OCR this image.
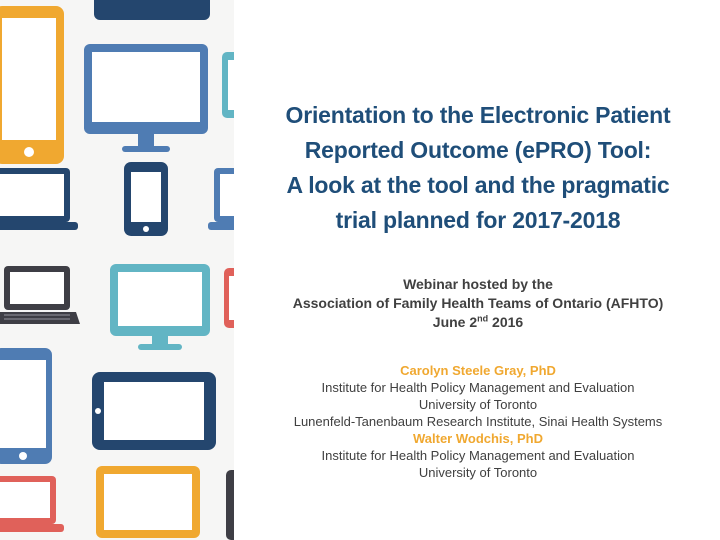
Orientation to the Electronic Patient
Reported Outcome (ePRO) Tool:
A look at the tool and the pragmatic
trial planned for 2017-2018
Webinar hosted by the
Association of Family Health Teams of Ontario (AFHTO)
June 2nd 2016
Carolyn Steele Gray, PhD
Institute for Health Policy Management and Evaluation
University of Toronto
Lunenfeld-Tanenbaum Research Institute, Sinai Health Systems
Walter Wodchis, PhD
Institute for Health Policy Management and Evaluation
University of Toronto
